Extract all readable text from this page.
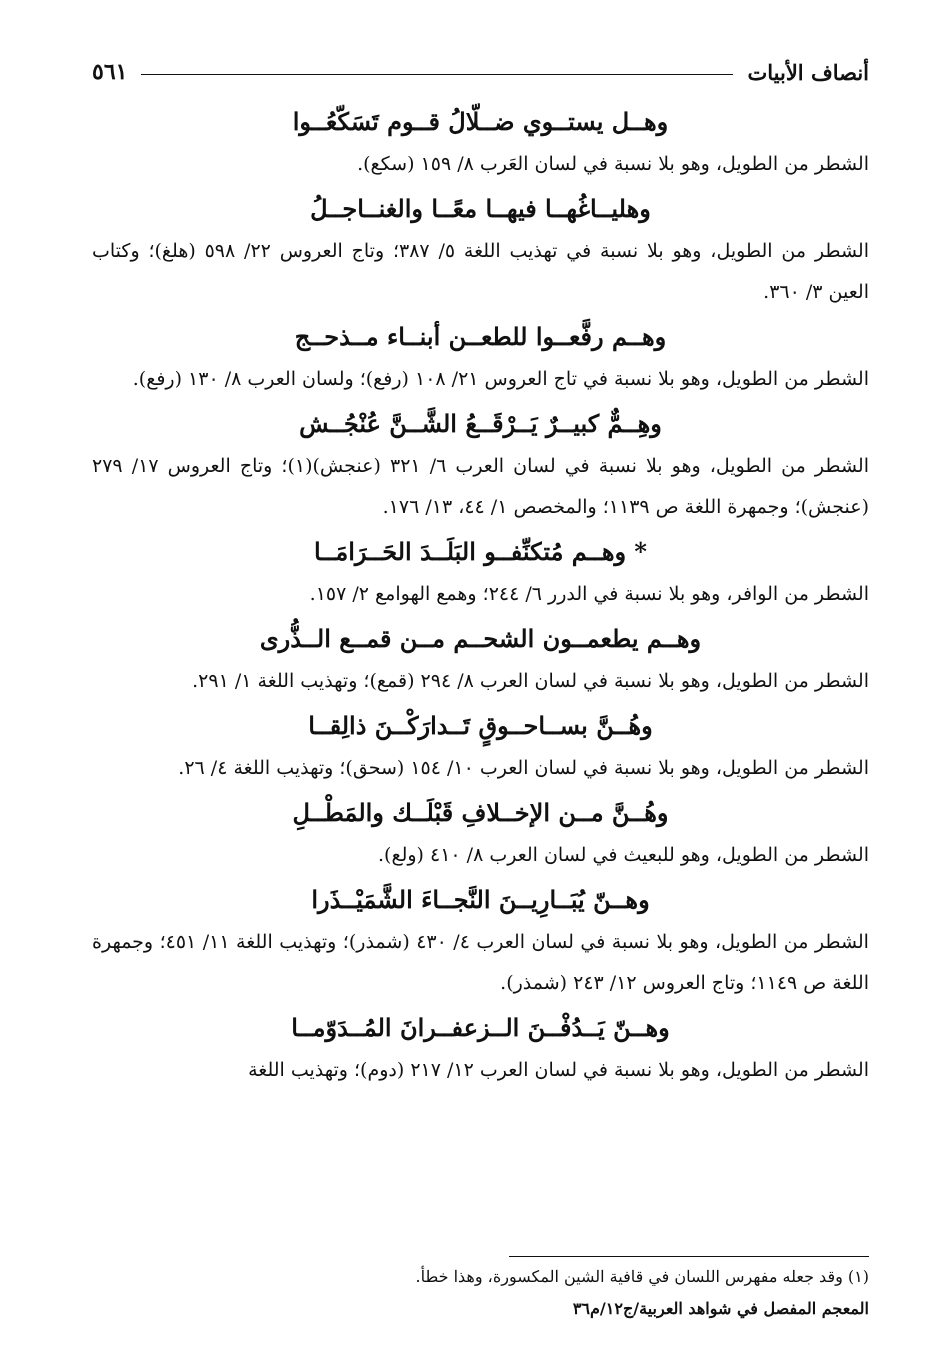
أنصاف الأبيات
٥٦١
وهــل يستــوي ضــلّالُ قــوم تَسَكّعُــوا
الشطر من الطويل، وهو بلا نسبة في لسان العَرب ٨/ ١٥٩ (سكع).
وهليــاغُهــا فيهــا معًــا والغنــاجــلُ
الشطر من الطويل، وهو بلا نسبة في تهذيب اللغة ٥/ ٣٨٧؛ وتاج العروس ٢٢/ ٥٩٨ (هلغ)؛ وكتاب العين ٣/ ٣٦٠.
وهــم رفَّعــوا للطعــن أبنــاء مــذحــج
الشطر من الطويل، وهو بلا نسبة في تاج العروس ٢١/ ١٠٨ (رفع)؛ ولسان العرب ٨/ ١٣٠ (رفع).
وهِــمٌّ كبيــرٌ يَــرْقَــعُ الشَّــنَّ عُنْجُــش
الشطر من الطويل، وهو بلا نسبة في لسان العرب ٦/ ٣٢١ (عنجش)(١)؛ وتاج العروس ١٧/ ٢٧٩ (عنجش)؛ وجمهرة اللغة ص ١١٣٩؛ والمخصص ١/ ٤٤، ١٣/ ١٧٦.
* وهــم مُتكنِّفــو البَلَــدَ الحَــرَامَــا
الشطر من الوافر، وهو بلا نسبة في الدرر ٦/ ٢٤٤؛ وهمع الهوامع ٢/ ١٥٧.
وهــم يطعمــون الشحــم مــن قمــع الــذُّرى
الشطر من الطويل، وهو بلا نسبة في لسان العرب ٨/ ٢٩٤ (قمع)؛ وتهذيب اللغة ١/ ٢٩١.
وهُــنَّ بســاحــوقٍ تَــدارَكْــنَ ذالِقــا
الشطر من الطويل، وهو بلا نسبة في لسان العرب ١٠/ ١٥٤ (سحق)؛ وتهذيب اللغة ٤/ ٢٦.
وهُــنَّ مــن الإخــلافِ قَبْلَــك والمَطْــلِ
الشطر من الطويل، وهو للبعيث في لسان العرب ٨/ ٤١٠ (ولع).
وهــنّ يُبَــارِيــنَ النَّجــاءَ الشَّمَيْــذَرا
الشطر من الطويل، وهو بلا نسبة في لسان العرب ٤/ ٤٣٠ (شمذر)؛ وتهذيب اللغة ١١/ ٤٥١؛ وجمهرة اللغة ص ١١٤٩؛ وتاج العروس ١٢/ ٢٤٣ (شمذر).
وهــنّ يَــدُفْــنَ الــزعفــرانَ المُــدَوّمــا
الشطر من الطويل، وهو بلا نسبة في لسان العرب ١٢/ ٢١٧ (دوم)؛ وتهذيب اللغة
(١) وقد جعله مفهرس اللسان في قافية الشين المكسورة، وهذا خطأ.
المعجم المفصل في شواهد العربية/ج١٢/م٣٦
